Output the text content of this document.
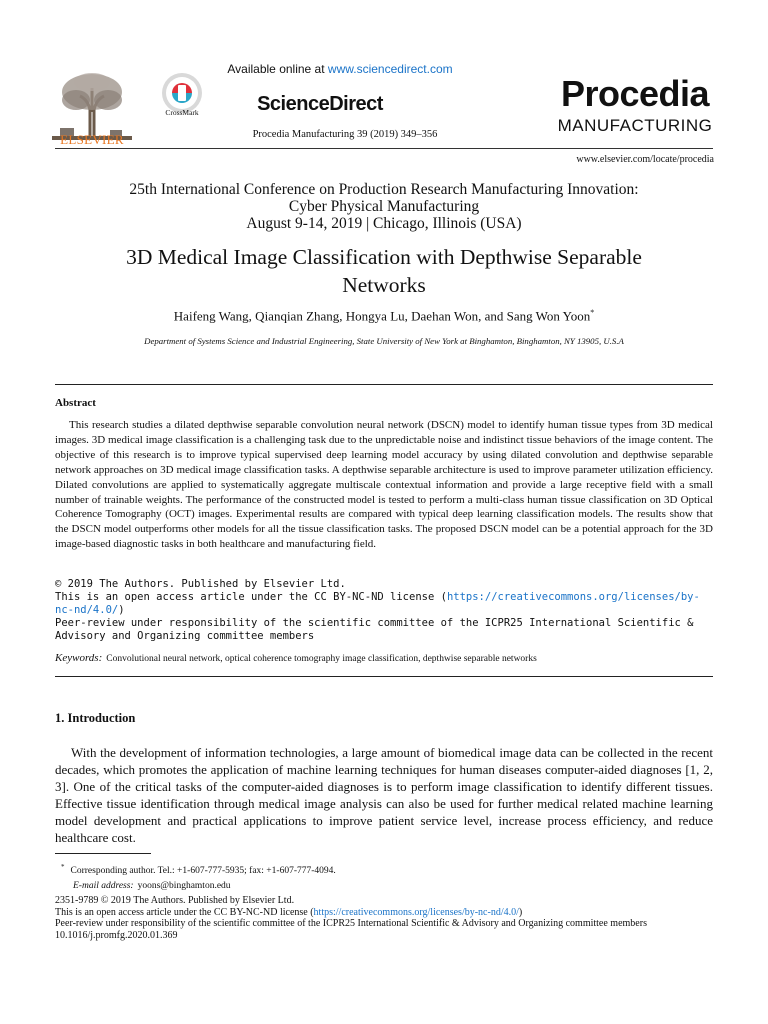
ELSEVIER
CrossMark
Available online at www.sciencedirect.com
ScienceDirect
Procedia Manufacturing 39 (2019) 349–356
Procedia
MANUFACTURING
www.elsevier.com/locate/procedia
25th International Conference on Production Research Manufacturing Innovation:
Cyber Physical Manufacturing
August 9-14, 2019 | Chicago, Illinois (USA)
3D Medical Image Classification with Depthwise Separable
Networks
Haifeng Wang, Qianqian Zhang, Hongya Lu, Daehan Won, and Sang Won Yoon*
Department of Systems Science and Industrial Engineering, State University of New York at Binghamton, Binghamton, NY 13905, U.S.A
Abstract
This research studies a dilated depthwise separable convolution neural network (DSCN) model to identify human tissue types from 3D medical images. 3D medical image classification is a challenging task due to the unpredictable noise and indistinct tissue behaviors of the image content. The objective of this research is to improve typical supervised deep learning model accuracy by using dilated convolution and depthwise separable network approaches on 3D medical image classification tasks. A depthwise separable architecture is used to improve parameter utilization efficiency. Dilated convolutions are applied to systematically aggregate multiscale contextual information and provide a large receptive field with a small number of trainable weights. The performance of the constructed model is tested to perform a multi-class human tissue classification on 3D Optical Coherence Tomography (OCT) images. Experimental results are compared with typical deep learning classification models. The results show that the DSCN model outperforms other models for all the tissue classification tasks. The proposed DSCN model can be a potential approach for the 3D image-based diagnostic tasks in both healthcare and manufacturing field.
© 2019 The Authors. Published by Elsevier Ltd.
This is an open access article under the CC BY-NC-ND license (https://creativecommons.org/licenses/by-nc-nd/4.0/)
Peer-review under responsibility of the scientific committee of the ICPR25 International Scientific & Advisory and Organizing committee members
Keywords: Convolutional neural network, optical coherence tomography image classification, depthwise separable networks
1. Introduction
With the development of information technologies, a large amount of biomedical image data can be collected in the recent decades, which promotes the application of machine learning techniques for human diseases computer-aided diagnoses [1, 2, 3]. One of the critical tasks of the computer-aided diagnoses is to perform image classification to identify different tissues. Effective tissue identification through medical image analysis can also be used for further medical related machine learning model development and practical applications to improve patient service level, increase process efficiency, and reduce healthcare cost.
* Corresponding author. Tel.: +1-607-777-5935; fax: +1-607-777-4094.
E-mail address: yoons@binghamton.edu
2351-9789 © 2019 The Authors. Published by Elsevier Ltd.
This is an open access article under the CC BY-NC-ND license (https://creativecommons.org/licenses/by-nc-nd/4.0/)
Peer-review under responsibility of the scientific committee of the ICPR25 International Scientific & Advisory and Organizing committee members
10.1016/j.promfg.2020.01.369
